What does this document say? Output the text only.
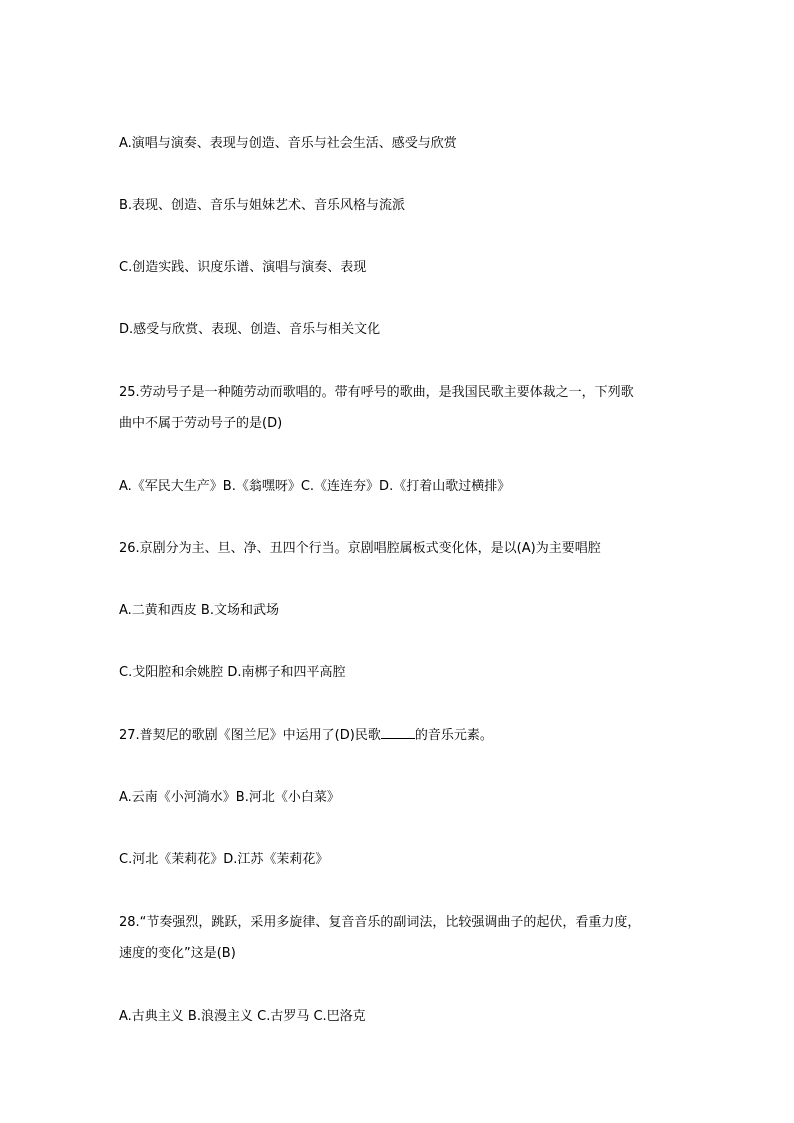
A.演唱与演奏、表现与创造、音乐与社会生活、感受与欣赏
B.表现、创造、音乐与姐妹艺术、音乐风格与流派
C.创造实践、识度乐谱、演唱与演奏、表现
D.感受与欣赏、表现、创造、音乐与相关文化
25.劳动号子是一种随劳动而歌唱的。带有呼号的歌曲，是我国民歌主要体裁之一，下列歌
曲中不属于劳动号子的是(D)
A.《军民大生产》B.《翁嘿呀》C.《连连夯》D.《打着山歌过横排》
26.京剧分为主、旦、净、丑四个行当。京剧唱腔属板式变化体，是以(A)为主要唱腔
A.二黄和西皮 B.文场和武场
C.戈阳腔和余姚腔 D.南梆子和四平高腔
27.普契尼的歌剧《图兰尼》中运用了(D)民歌	的音乐元素。
A.云南《小河淌水》B.河北《小白菜》
C.河北《茉莉花》D.江苏《茉莉花》
28.“节奏强烈，跳跃，采用多旋律、复音音乐的副词法，比较强调曲子的起伏，看重力度，
速度的变化”这是(B)
A.古典主义 B.浪漫主义 C.古罗马 C.巴洛克
